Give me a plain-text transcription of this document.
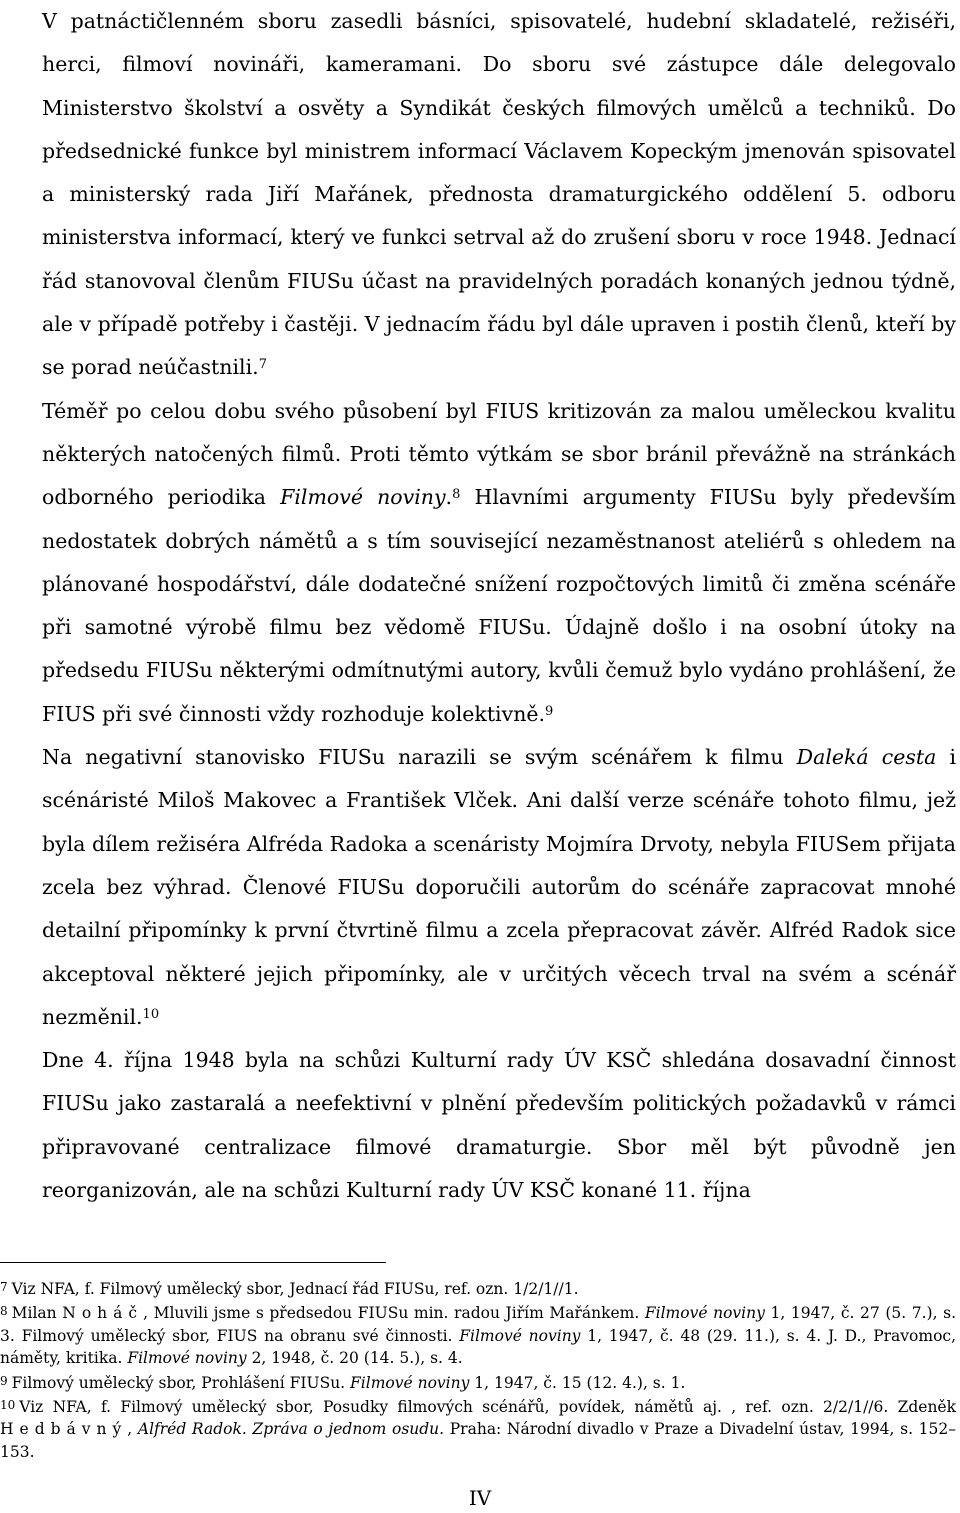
V patnáctičlenném sboru zasedli básníci, spisovatelé, hudební skladatelé, režiséři, herci, filmoví novináři, kameramani. Do sboru své zástupce dále delegovalo Ministerstvo školství a osvěty a Syndikát českých filmových umělců a techniků. Do předsednické funkce byl ministrem informací Václavem Kopeckým jmenován spisovatel a ministerský rada Jiří Mařánek, přednosta dramaturgického oddělení 5. odboru ministerstva informací, který ve funkci setrval až do zrušení sboru v roce 1948. Jednací řád stanovoval členům FIUSu účast na pravidelných poradách konaných jednou týdně, ale v případě potřeby i častěji. V jednacím řádu byl dále upraven i postih členů, kteří by se porad neúčastnili.$^7$

Téměř po celou dobu svého působení byl FIUS kritizován za malou uměleckou kvalitu některých natočených filmů. Proti těmto výtkám se sbor bránil převážně na stránkách odborného periodika Filmové noviny.$^8$ Hlavními argumenty FIUSu byly především nedostatek dobrých námětů a s tím související nezaměstnanost ateliérů s ohledem na plánované hospodářství, dále dodatečné snížení rozpočtových limitů či změna scénáře při samotné výrobě filmu bez vědomě FIUSu. Údajně došlo i na osobní útoky na předsedu FIUSu některými odmítnutými autory, kvůli čemuž bylo vydáno prohlášení, že FIUS při své činnosti vždy rozhoduje kolektivně.$^9$

Na negativní stanovisko FIUSu narazili se svým scénářem k filmu Daleká cesta i scénáristé Miloš Makovec a František Vlček. Ani další verze scénáře tohoto filmu, jež byla dílem režiséra Alfréda Radoka a scenáristy Mojmíra Drvoty, nebyla FIUSem přijata zcela bez výhrad. Členové FIUSu doporučili autorům do scénáře zapracovat mnohé detailní připomínky k první čtvrtině filmu a zcela přepracovat závěr. Alfréd Radok sice akceptoval některé jejich připomínky, ale v určitých věcech trval na svém a scénář nezměnil.$^{10}$

Dne 4. října 1948 byla na schůzi Kulturní rady ÚV KSČ shledána dosavadní činnost FIUSu jako zastaralá a neefektivní v plnění především politických požadavků v rámci připravované centralizace filmové dramaturgie. Sbor měl být původně jen reorganizován, ale na schůzi Kulturní rady ÚV KSČ konané 11. října

7 Viz NFA, f. Filmový umělecký sbor, Jednací řád FIUSu, ref. ozn. 1/2/1//1.

8 Milan Noháč, Mluvili jsme s předsedou FIUSu min. radou Jiřím Mařánkem. Filmové noviny 1, 1947, č. 27 (5. 7.), s. 3. Filmový umělecký sbor, FIUS na obranu své činnosti. Filmové noviny 1, 1947, č. 48 (29. 11.), s. 4. J. D., Pravomoc, náměty, kritika. Filmové noviny 2, 1948, č. 20 (14. 5.), s. 4.

9 Filmový umělecký sbor, Prohlášení FIUSu. Filmové noviny 1, 1947, č. 15 (12. 4.), s. 1.

10 Viz NFA, f. Filmový umělecký sbor, Posudky filmových scénářů, povídek, námětů aj. , ref. ozn. 2/2/1//6. Zdeněk Hedbávný, Alfréd Radok. Zpráva o jednom osudu. Praha: Národní divadlo v Praze a Divadelní ústav, 1994, s. 152–153.

IV
